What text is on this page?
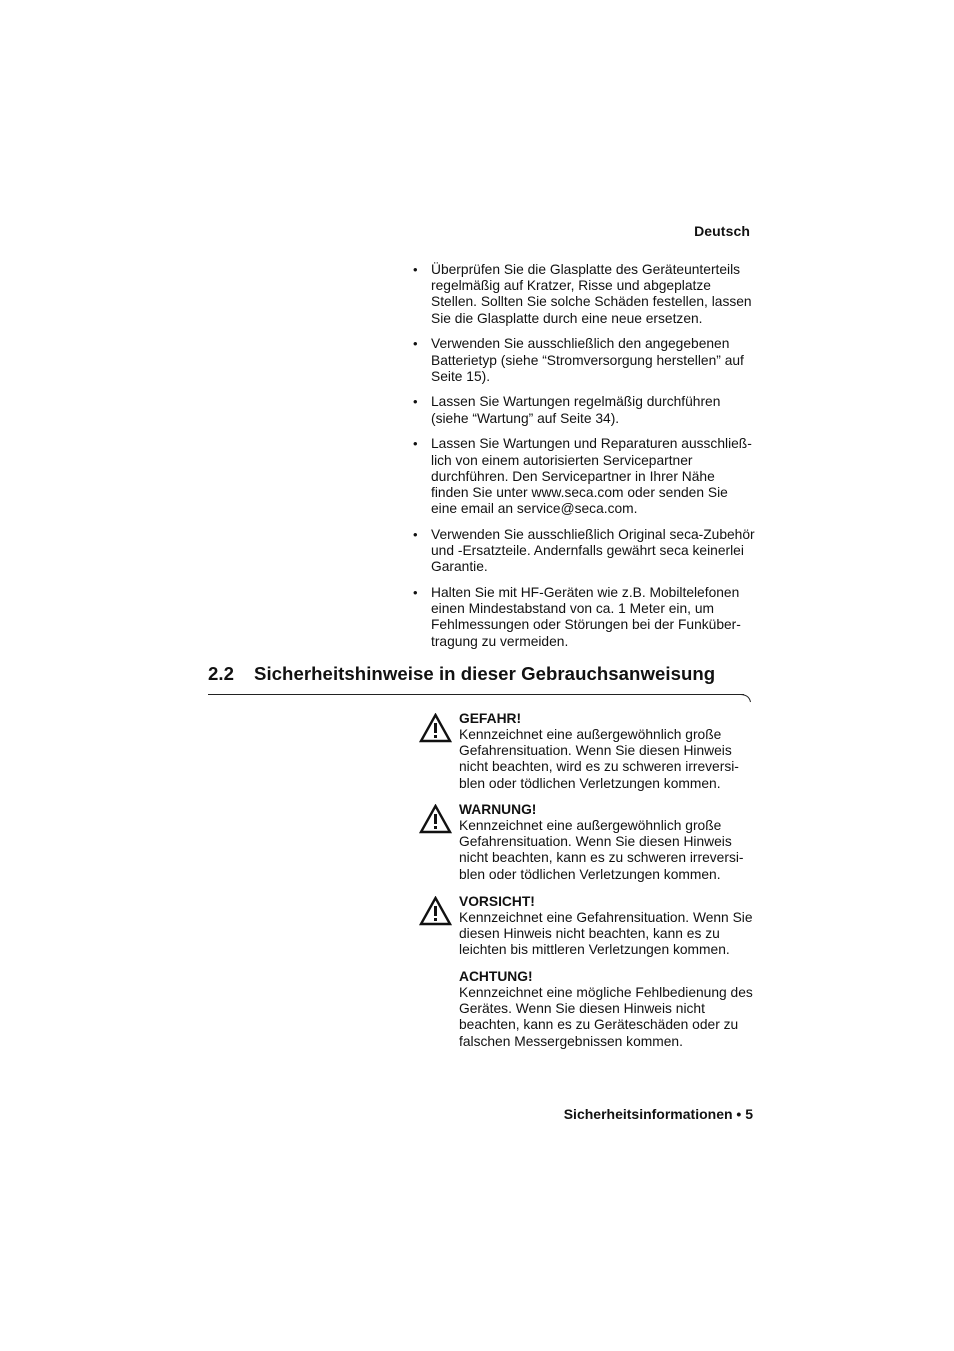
Deutsch
• Überprüfen Sie die Glasplatte des Geräteunterteils
regelmäßig auf Kratzer, Risse und abgeplatze
Stellen. Sollten Sie solche Schäden festellen, lassen
Sie die Glasplatte durch eine neue ersetzen.
• Verwenden Sie ausschließlich den angegebenen
Batterietyp (siehe “Stromversorgung herstellen” auf
Seite 15).
• Lassen Sie Wartungen regelmäßig durchführen
(siehe “Wartung” auf Seite 34).
• Lassen Sie Wartungen und Reparaturen ausschließ-
lich von einem autorisierten Servicepartner
durchführen. Den Servicepartner in Ihrer Nähe
finden Sie unter www.seca.com oder senden Sie
eine email an service@seca.com.
• Verwenden Sie ausschließlich Original seca-Zubehör
und -Ersatzteile. Andernfalls gewährt seca keinerlei
Garantie.
• Halten Sie mit HF-Geräten wie z.B. Mobiltelefonen
einen Mindestabstand von ca. 1 Meter ein, um
Fehlmessungen oder Störungen bei der Funküber-
tragung zu vermeiden.
2.2 Sicherheitshinweise in dieser Gebrauchsanweisung
GEFAHR!
Kennzeichnet eine außergewöhnlich große
Gefahrensituation. Wenn Sie diesen Hinweis
nicht beachten, wird es zu schweren irreversi-
blen oder tödlichen Verletzungen kommen.
WARNUNG!
Kennzeichnet eine außergewöhnlich große
Gefahrensituation. Wenn Sie diesen Hinweis
nicht beachten, kann es zu schweren irreversi-
blen oder tödlichen Verletzungen kommen.
VORSICHT!
Kennzeichnet eine Gefahrensituation. Wenn Sie
diesen Hinweis nicht beachten, kann es zu
leichten bis mittleren Verletzungen kommen.
ACHTUNG!
Kennzeichnet eine mögliche Fehlbedienung des
Gerätes. Wenn Sie diesen Hinweis nicht
beachten, kann es zu Geräteschäden oder zu
falschen Messergebnissen kommen.
Sicherheitsinformationen • 5
